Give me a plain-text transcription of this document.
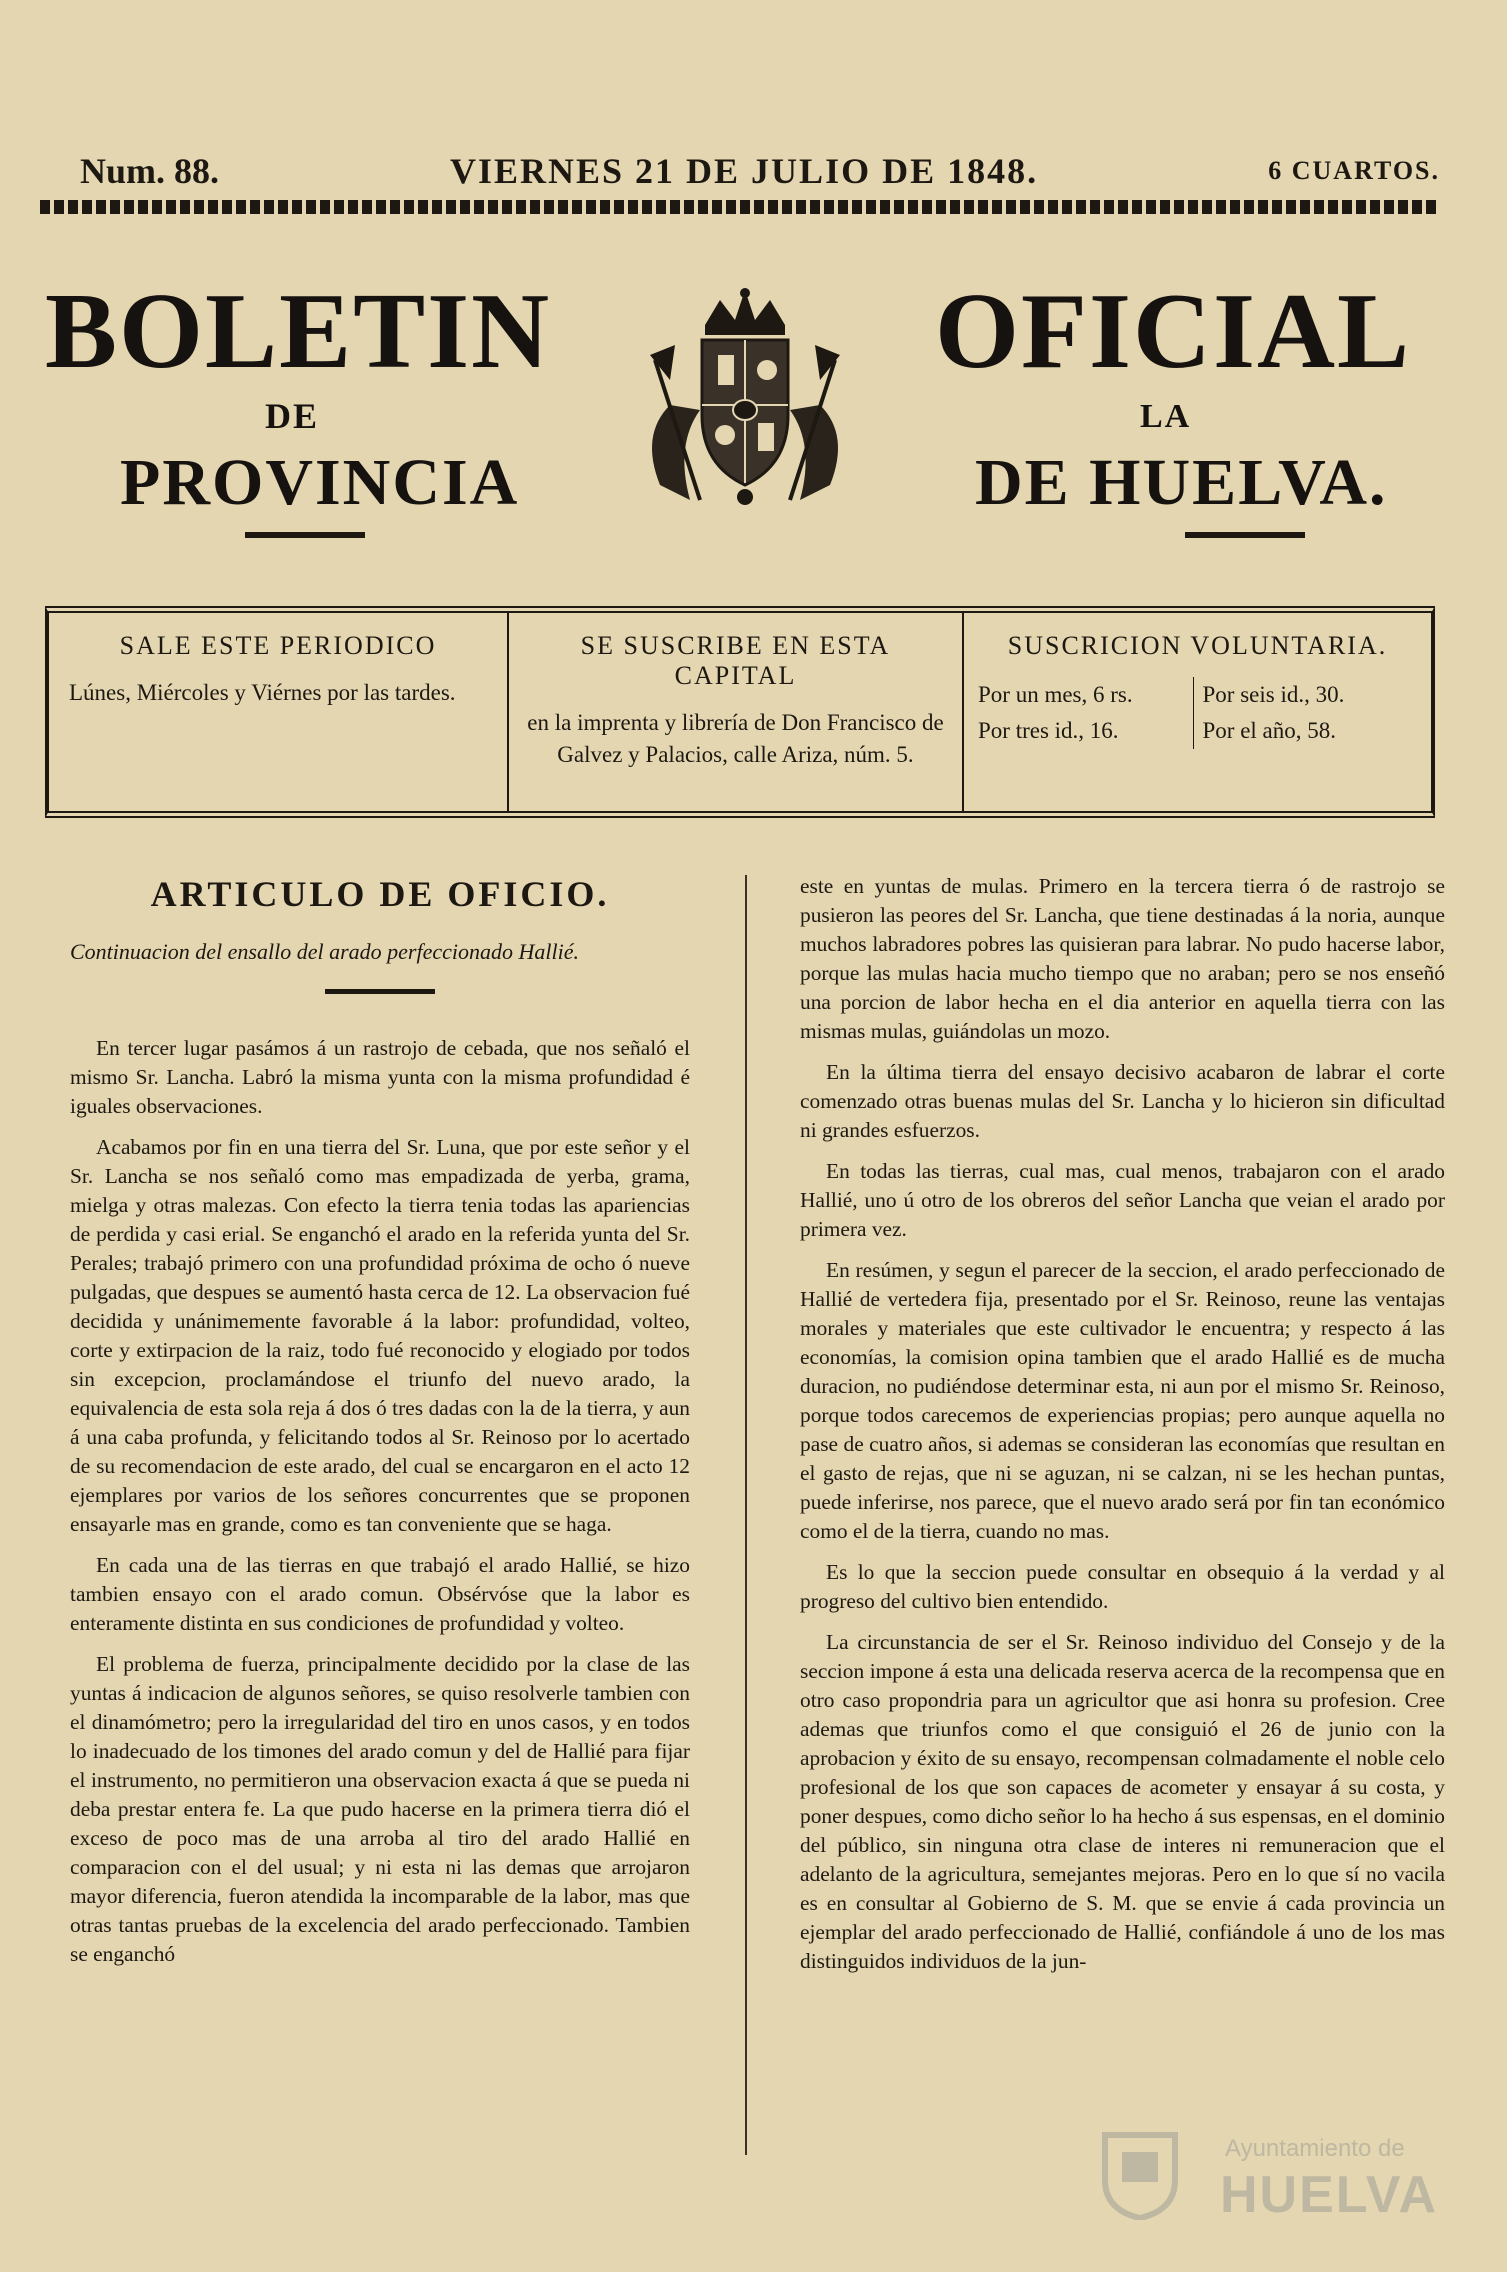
Num. 88.	VIERNES 21 DE JULIO DE 1848.	6 CUARTOS.
BOLETIN	OFICIAL
DE	LA
PROVINCIA	DE HUELVA.
SALE ESTE PERIODICO
Lúnes, Miércoles y Viérnes por las tardes.
SE SUSCRIBE EN ESTA CAPITAL
en la imprenta y librería de Don Francisco de Galvez y Palacios, calle Ariza, núm. 5.
SUSCRICION VOLUNTARIA.
Por un mes, 6 rs.	Por seis id., 30.
Por tres id., 16.	Por el año, 58.
ARTICULO DE OFICIO.

Continuacion del ensallo del arado perfeccionado Hallié.

En tercer lugar pasámos á un rastrojo de cebada, que nos señaló el mismo Sr. Lancha. Labró la misma yunta con la misma profundidad é iguales observaciones.

Acabamos por fin en una tierra del Sr. Luna, que por este señor y el Sr. Lancha se nos señaló como mas empadizada de yerba, grama, mielga y otras malezas. Con efecto la tierra tenia todas las apariencias de perdida y casi erial. Se enganchó el arado en la referida yunta del Sr. Perales; trabajó primero con una profundidad próxima de ocho ó nueve pulgadas, que despues se aumentó hasta cerca de 12. La observacion fué decidida y unánimemente favorable á la labor: profundidad, volteo, corte y extirpacion de la raiz, todo fué reconocido y elogiado por todos sin excepcion, proclamándose el triunfo del nuevo arado, la equivalencia de esta sola reja á dos ó tres dadas con la de la tierra, y aun á una caba profunda, y felicitando todos al Sr. Reinoso por lo acertado de su recomendacion de este arado, del cual se encargaron en el acto 12 ejemplares por varios de los señores concurrentes que se proponen ensayarle mas en grande, como es tan conveniente que se haga.

En cada una de las tierras en que trabajó el arado Hallié, se hizo tambien ensayo con el arado comun. Obsérvóse que la labor es enteramente distinta en sus condiciones de profundidad y volteo.

El problema de fuerza, principalmente decidido por la clase de las yuntas á indicacion de algunos señores, se quiso resolverle tambien con el dinamómetro; pero la irregularidad del tiro en unos casos, y en todos lo inadecuado de los timones del arado comun y del de Hallié para fijar el instrumento, no permitieron una observacion exacta á que se pueda ni deba prestar entera fe. La que pudo hacerse en la primera tierra dió el exceso de poco mas de una arroba al tiro del arado Hallié en comparacion con el del usual; y ni esta ni las demas que arrojaron mayor diferencia, fueron atendida la incomparable de la labor, mas que otras tantas pruebas de la excelencia del arado perfeccionado. Tambien se enganchó

este en yuntas de mulas. Primero en la tercera tierra ó de rastrojo se pusieron las peores del Sr. Lancha, que tiene destinadas á la noria, aunque muchos labradores pobres las quisieran para labrar. No pudo hacerse labor, porque las mulas hacia mucho tiempo que no araban; pero se nos enseñó una porcion de labor hecha en el dia anterior en aquella tierra con las mismas mulas, guiándolas un mozo.

En la última tierra del ensayo decisivo acabaron de labrar el corte comenzado otras buenas mulas del Sr. Lancha y lo hicieron sin dificultad ni grandes esfuerzos.

En todas las tierras, cual mas, cual menos, trabajaron con el arado Hallié, uno ú otro de los obreros del señor Lancha que veian el arado por primera vez.

En resúmen, y segun el parecer de la seccion, el arado perfeccionado de Hallié de vertedera fija, presentado por el Sr. Reinoso, reune las ventajas morales y materiales que este cultivador le encuentra; y respecto á las economías, la comision opina tambien que el arado Hallié es de mucha duracion, no pudiéndose determinar esta, ni aun por el mismo Sr. Reinoso, porque todos carecemos de experiencias propias; pero aunque aquella no pase de cuatro años, si ademas se consideran las economías que resultan en el gasto de rejas, que ni se aguzan, ni se calzan, ni se les hechan puntas, puede inferirse, nos parece, que el nuevo arado será por fin tan económico como el de la tierra, cuando no mas.

Es lo que la seccion puede consultar en obsequio á la verdad y al progreso del cultivo bien entendido.

La circunstancia de ser el Sr. Reinoso individuo del Consejo y de la seccion impone á esta una delicada reserva acerca de la recompensa que en otro caso propondria para un agricultor que asi honra su profesion. Cree ademas que triunfos como el que consiguió el 26 de junio con la aprobacion y éxito de su ensayo, recompensan colmadamente el noble celo profesional de los que son capaces de acometer y ensayar á su costa, y poner despues, como dicho señor lo ha hecho á sus espensas, en el dominio del público, sin ninguna otra clase de interes ni remuneracion que el adelanto de la agricultura, semejantes mejoras. Pero en lo que sí no vacila es en consultar al Gobierno de S. M. que se envie á cada provincia un ejemplar del arado perfeccionado de Hallié, confiándole á uno de los mas distinguidos individuos de la jun-

Ayuntamiento de
HUELVA
